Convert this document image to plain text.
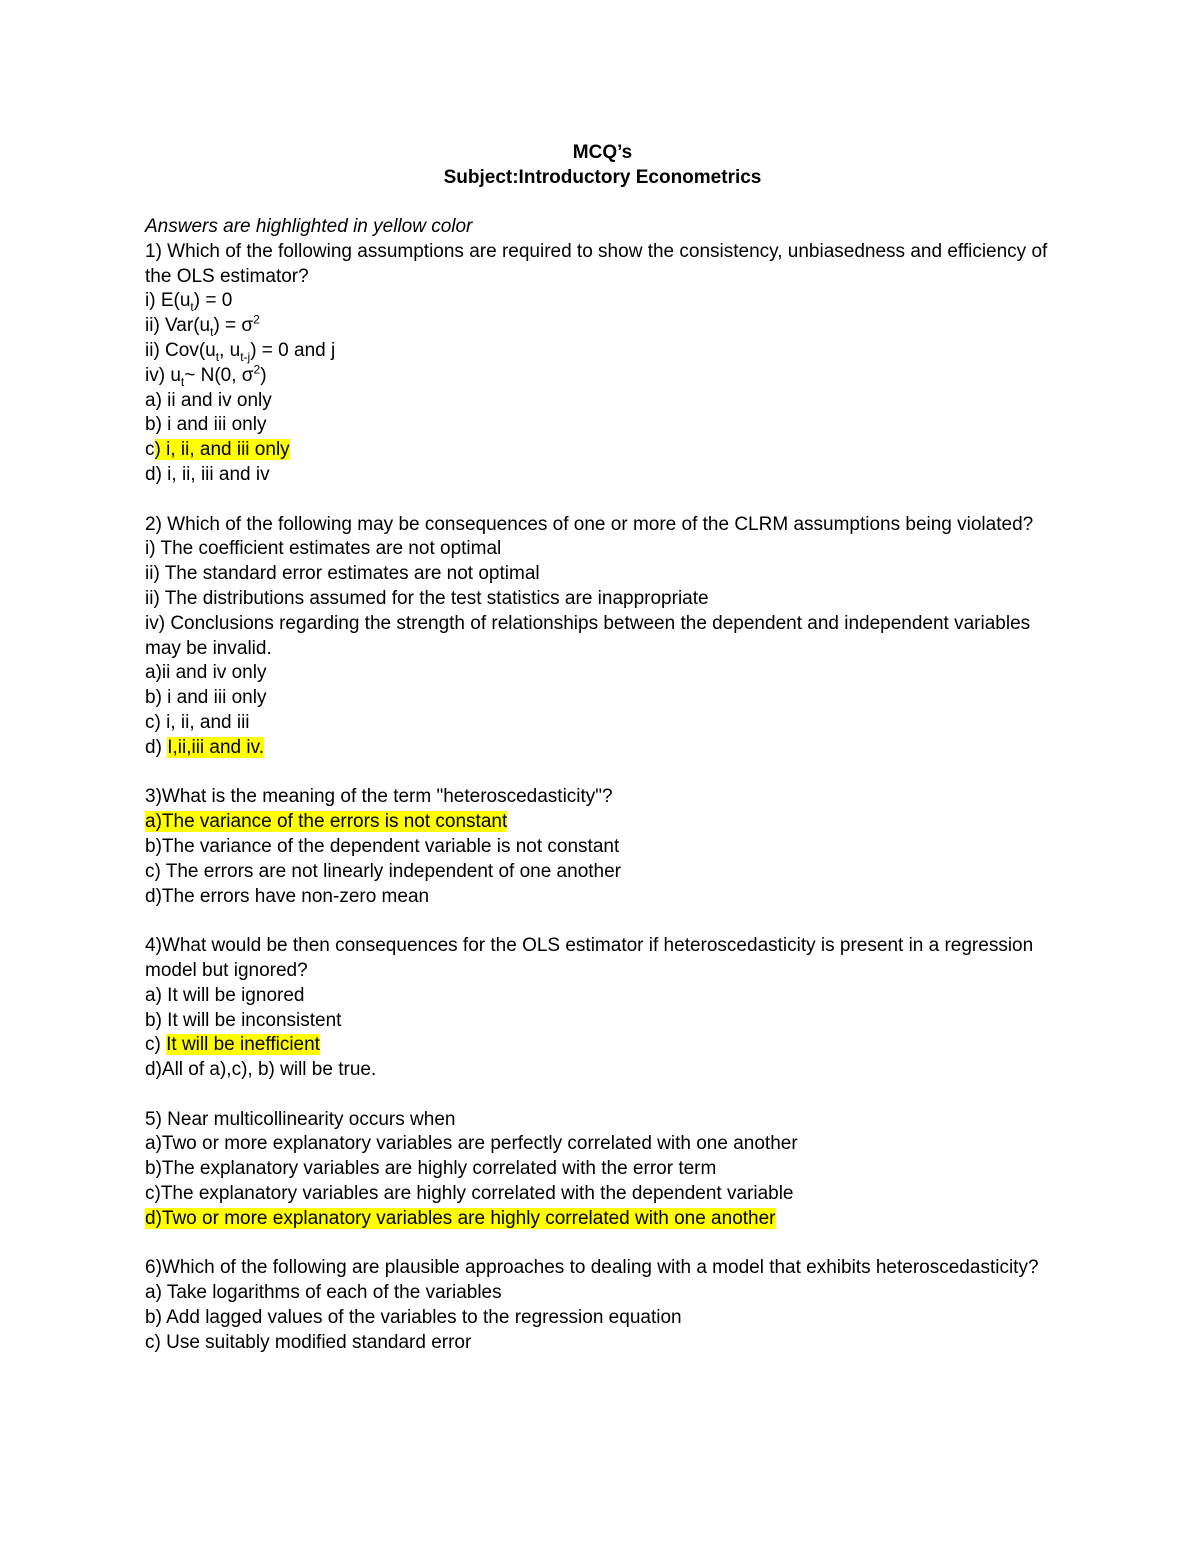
MCQ’s
Subject:Introductory Econometrics
Answers are highlighted in yellow color
1) Which of the following assumptions are required to show the consistency, unbiasedness and efficiency of the OLS estimator?
i) $E(u_t) = 0$
ii) $Var(u_t) = \sigma^2$
ii) $Cov(u_t$, $u_{t-j}) = 0$ and j
iv) $u_t\sim$ N(0, $\sigma^2$)
a) ii and iv only
b) i and iii only
c) i, ii, and iii only
d) i, ii, iii and iv
2) Which of the following may be consequences of one or more of the CLRM assumptions being violated?
i) The coefficient estimates are not optimal
ii) The standard error estimates are not optimal
ii) The distributions assumed for the test statistics are inappropriate
iv) Conclusions regarding the strength of relationships between the dependent and independent variables may be invalid.
a)ii and iv only
b) i and iii only
c) i, ii, and iii
d) I,ii,iii and iv.
3)What is the meaning of the term "heteroscedasticity"?
a)The variance of the errors is not constant
b)The variance of the dependent variable is not constant
c) The errors are not linearly independent of one another
d)The errors have non-zero mean
4)What would be then consequences for the OLS estimator if heteroscedasticity is present in a regression model but ignored?
a) It will be ignored
b) It will be inconsistent
c) It will be inefficient
d)All of a),c), b) will be true.
5) Near multicollinearity occurs when
a)Two or more explanatory variables are perfectly correlated with one another
b)The explanatory variables are highly correlated with the error term
c)The explanatory variables are highly correlated with the dependent variable
d)Two or more explanatory variables are highly correlated with one another
6)Which of the following are plausible approaches to dealing with a model that exhibits heteroscedasticity?
a) Take logarithms of each of the variables
b) Add lagged values of the variables to the regression equation
c) Use suitably modified standard error
